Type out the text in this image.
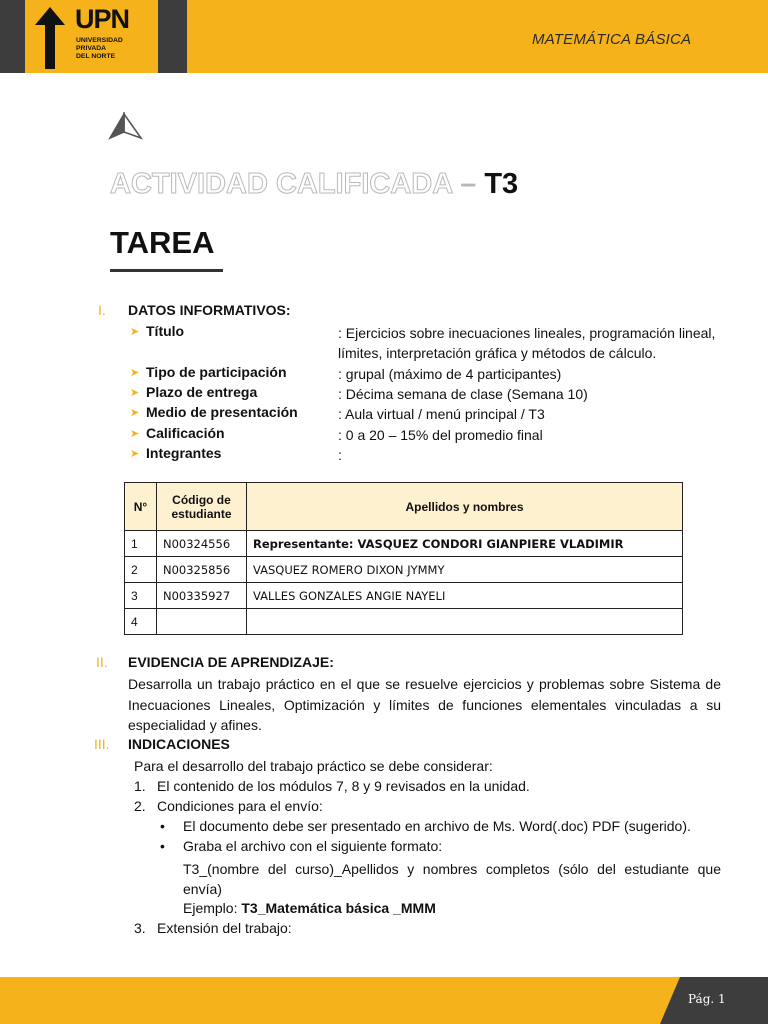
UPN
UNIVERSIDAD
PRIVADA
DEL NORTE
MATEMÁTICA BÁSICA
ACTIVIDAD CALIFICADA – T3
TAREA
I. DATOS INFORMATIVOS:
➤ Título	: Ejercicios sobre inecuaciones lineales, programación lineal, límites, interpretación gráfica y métodos de cálculo.
➤ Tipo de participación	: grupal (máximo de 4 participantes)
➤ Plazo de entrega	: Décima semana de clase (Semana 10)
➤ Medio de presentación	: Aula virtual / menú principal / T3
➤ Calificación	: 0 a 20 – 15% del promedio final
➤ Integrantes	:
N°	Código de estudiante	Apellidos y nombres
1	N00324556	Representante: VASQUEZ CONDORI GIANPIERE VLADIMIR
2	N00325856	VASQUEZ ROMERO DIXON JYMMY
3	N00335927	VALLES GONZALES ANGIE NAYELI
4		
II. EVIDENCIA DE APRENDIZAJE:
Desarrolla un trabajo práctico en el que se resuelve ejercicios y problemas sobre Sistema de Inecuaciones Lineales, Optimización y límites de funciones elementales vinculadas a su especialidad y afines.
III. INDICACIONES
Para el desarrollo del trabajo práctico se debe considerar:
1. El contenido de los módulos 7, 8 y 9 revisados en la unidad.
2. Condiciones para el envío:
• El documento debe ser presentado en archivo de Ms. Word(.doc) PDF (sugerido).
• Graba el archivo con el siguiente formato:
T3_(nombre del curso)_Apellidos y nombres completos (sólo del estudiante que envía)
Ejemplo: T3_Matemática básica _MMM
3. Extensión del trabajo:
Pág. 1
